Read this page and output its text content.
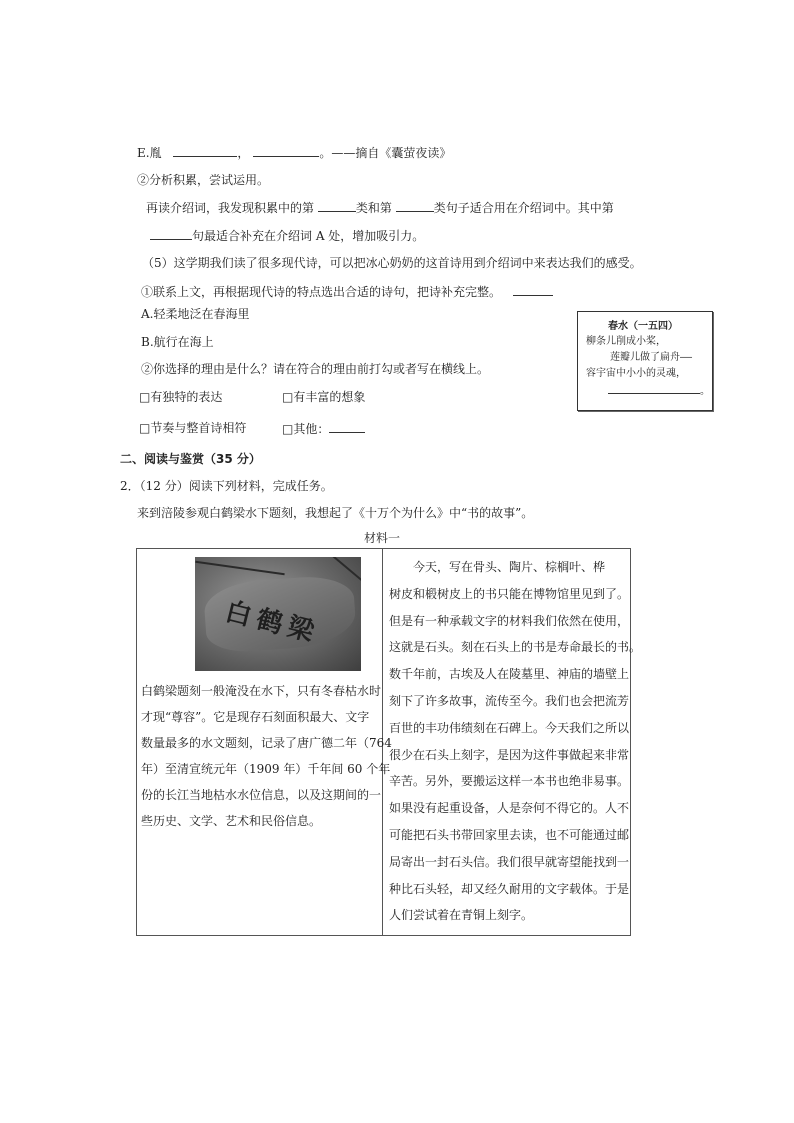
E.胤	，	。——摘自《囊萤夜读》
②分析积累，尝试运用。
再读介绍词，我发现积累中的第	类和第	类句子适合用在介绍词中。其中第
句最适合补充在介绍词 A 处，增加吸引力。
（5）这学期我们读了很多现代诗，可以把冰心奶奶的这首诗用到介绍词中来表达我们的感受。
①联系上文，再根据现代诗的特点选出合适的诗句，把诗补充完整。
A.轻柔地泛在春海里
B.航行在海上
②你选择的理由是什么？请在符合的理由前打勾或者写在横线上。
□有独特的表达	□有丰富的想象
□节奏与整首诗相符	□其他：
春水（一五四）
柳条儿削成小桨，
莲瓣儿做了扁舟——
容宇宙中小小的灵魂，
。
二、阅读与鉴赏（35 分）
2．（12 分）阅读下列材料，完成任务。
来到涪陵参观白鹤梁水下题刻，我想起了《十万个为什么》中“书的故事”。
材料一
白鹤梁
白鹤梁题刻一般淹没在水下，只有冬春枯水时
才现“尊容”。它是现存石刻面积最大、文字
数量最多的水文题刻，记录了唐广德二年（764
年）至清宣统元年（1909 年）千年间 60 个年
份的长江当地枯水水位信息，以及这期间的一
些历史、文学、艺术和民俗信息。

　　今天，写在骨头、陶片、棕榈叶、桦
树皮和椴树皮上的书只能在博物馆里见到了。
但是有一种承载文字的材料我们依然在使用，
这就是石头。刻在石头上的书是寿命最长的书。
数千年前，古埃及人在陵墓里、神庙的墙壁上
刻下了许多故事，流传至今。我们也会把流芳
百世的丰功伟绩刻在石碑上。今天我们之所以
很少在石头上刻字，是因为这件事做起来非常
辛苦。另外，要搬运这样一本书也绝非易事。
如果没有起重设备，人是奈何不得它的。人不
可能把石头书带回家里去读，也不可能通过邮
局寄出一封石头信。我们很早就寄望能找到一
种比石头轻，却又经久耐用的文字载体。于是
人们尝试着在青铜上刻字。
